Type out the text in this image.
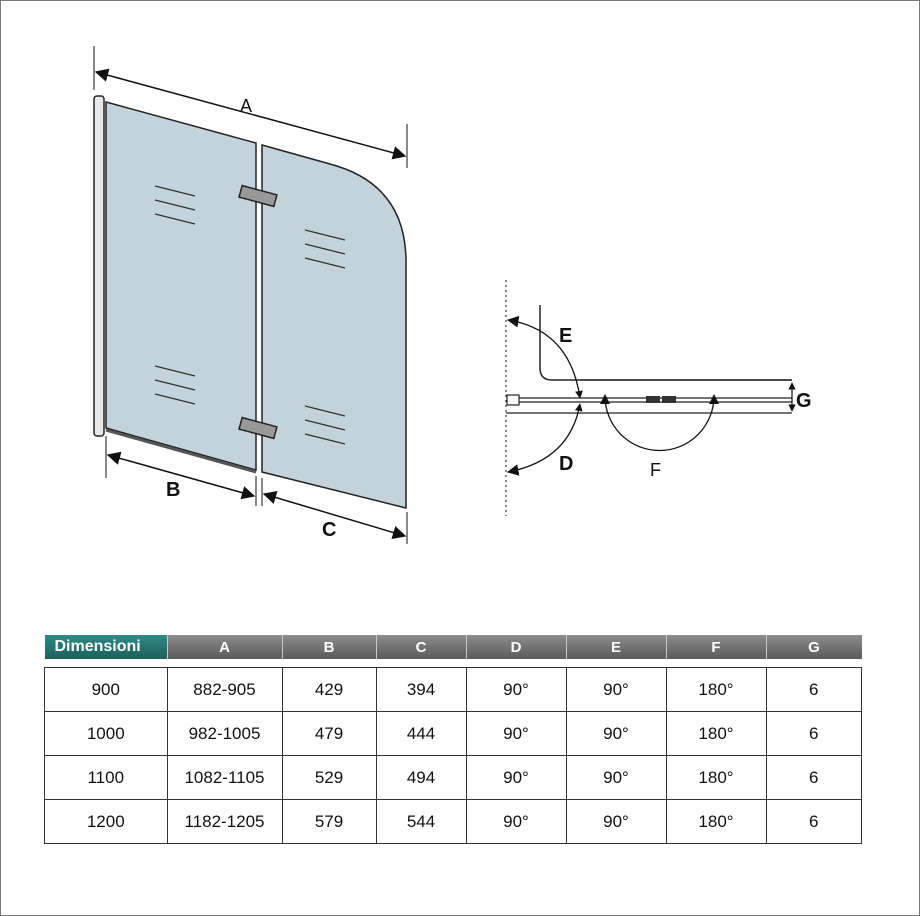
A
B
C
E
D	F
G
Dimensioni	A	B	C	D	E	F	G

900	882-905	429	394	90°	90°	180°	6
1000	982-1005	479	444	90°	90°	180°	6
1100	1082-1105	529	494	90°	90°	180°	6
1200	1182-1205	579	544	90°	90°	180°	6
